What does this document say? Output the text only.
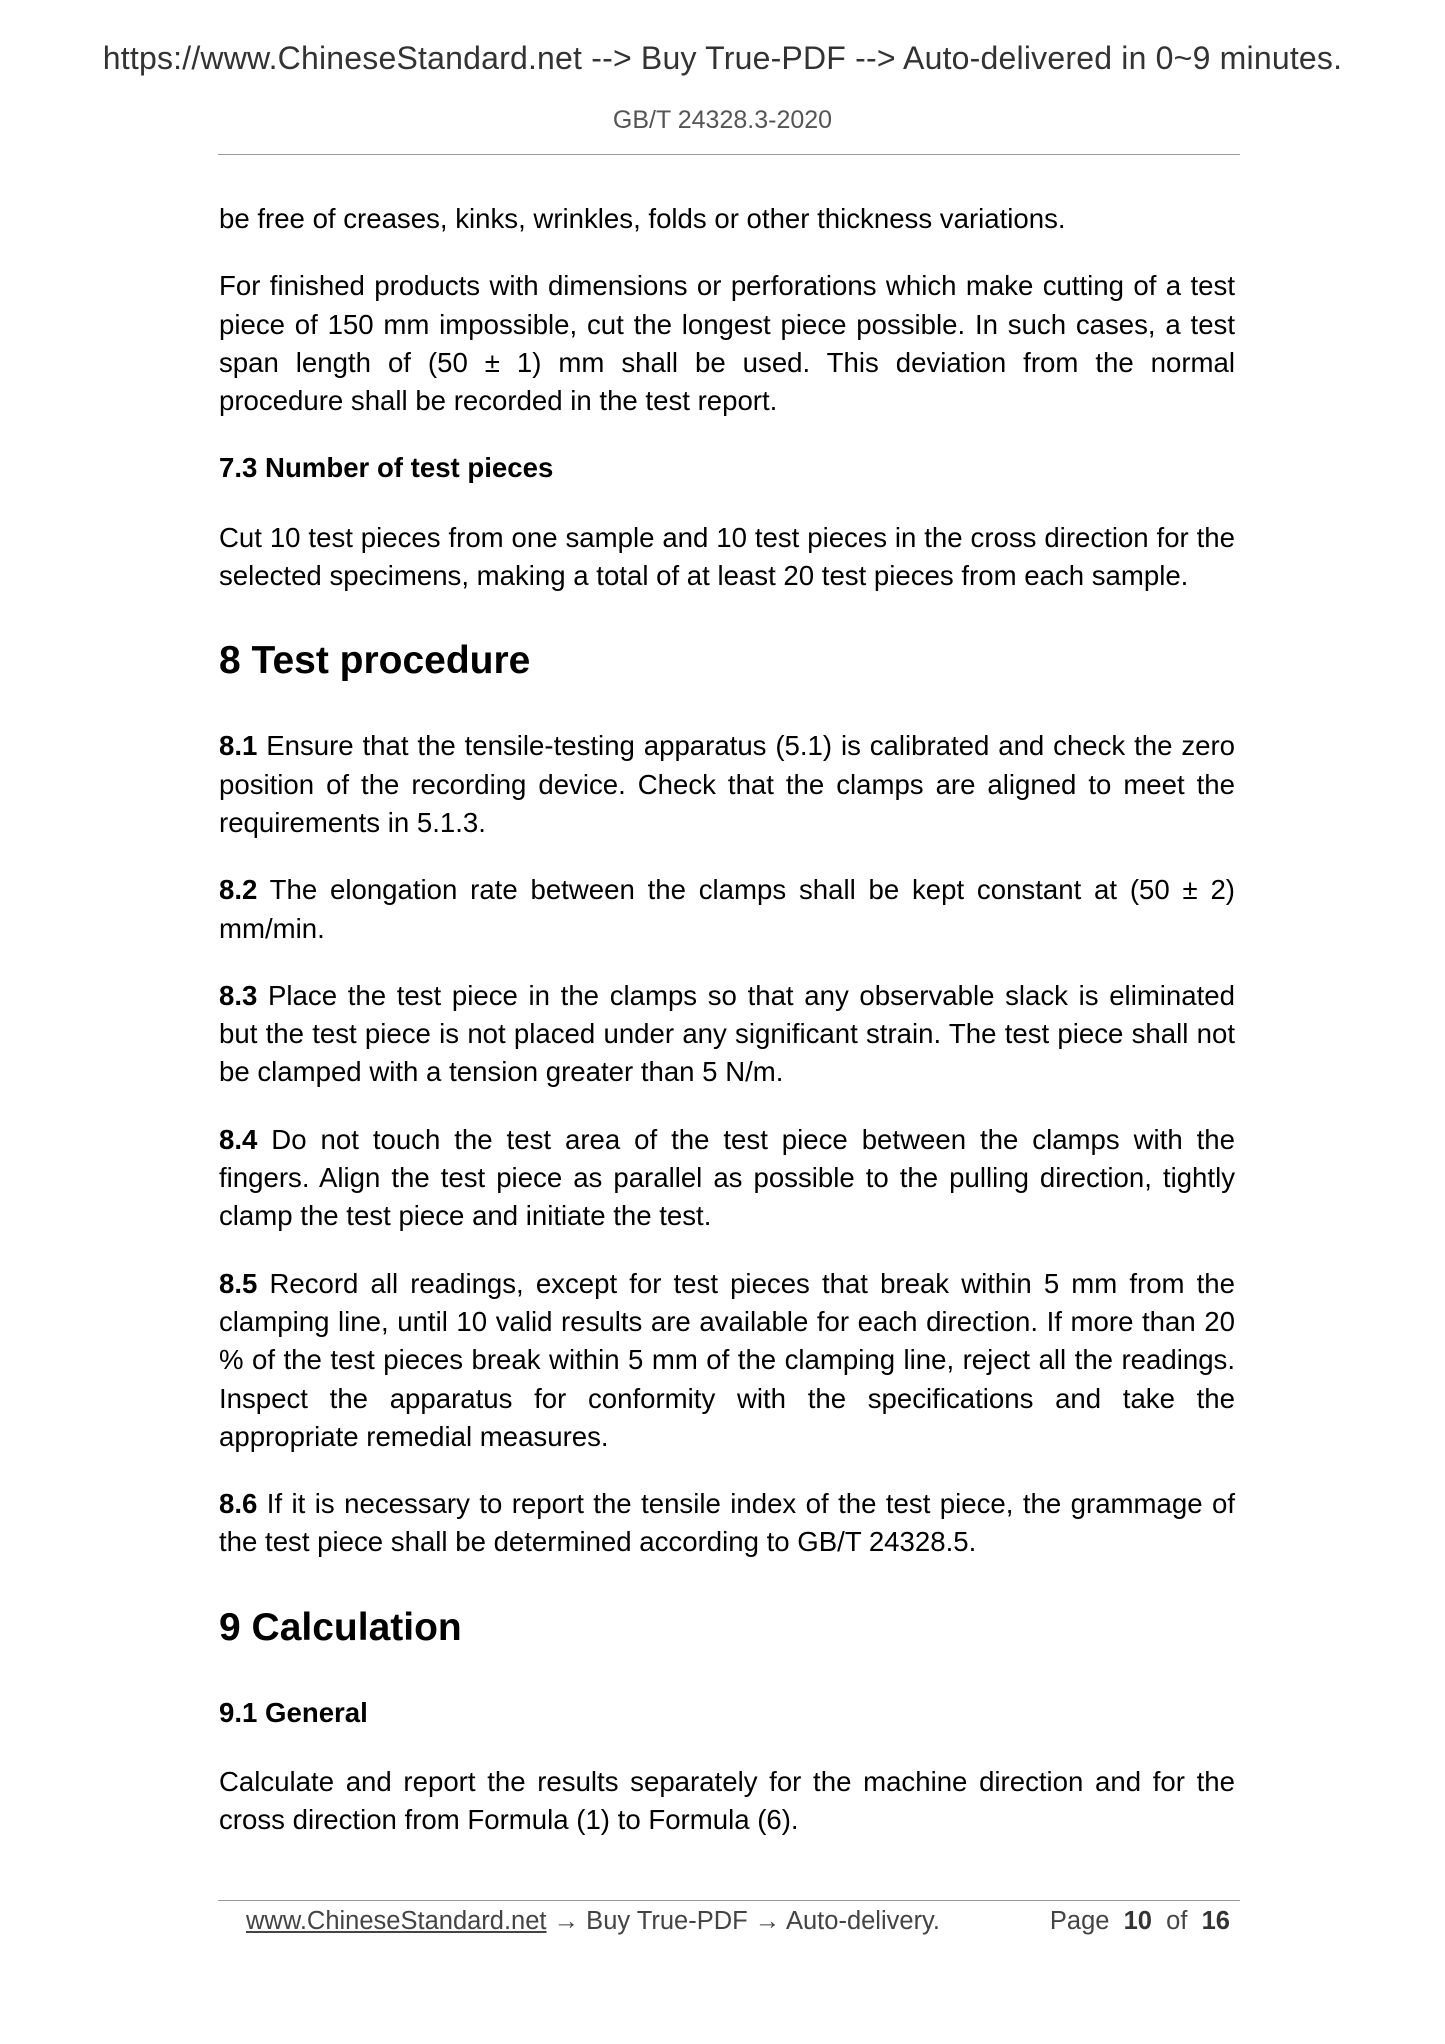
https://www.ChineseStandard.net --> Buy True-PDF --> Auto-delivered in 0~9 minutes.
GB/T 24328.3-2020

be free of creases, kinks, wrinkles, folds or other thickness variations.

For finished products with dimensions or perforations which make cutting of a test piece of 150 mm impossible, cut the longest piece possible. In such cases, a test span length of (50 ± 1) mm shall be used. This deviation from the normal procedure shall be recorded in the test report.

7.3 Number of test pieces

Cut 10 test pieces from one sample and 10 test pieces in the cross direction for the selected specimens, making a total of at least 20 test pieces from each sample.

8 Test procedure

8.1 Ensure that the tensile-testing apparatus (5.1) is calibrated and check the zero position of the recording device. Check that the clamps are aligned to meet the requirements in 5.1.3.

8.2 The elongation rate between the clamps shall be kept constant at (50 ± 2) mm/min.

8.3 Place the test piece in the clamps so that any observable slack is eliminated but the test piece is not placed under any significant strain. The test piece shall not be clamped with a tension greater than 5 N/m.

8.4 Do not touch the test area of the test piece between the clamps with the fingers. Align the test piece as parallel as possible to the pulling direction, tightly clamp the test piece and initiate the test.

8.5 Record all readings, except for test pieces that break within 5 mm from the clamping line, until 10 valid results are available for each direction. If more than 20 % of the test pieces break within 5 mm of the clamping line, reject all the readings. Inspect the apparatus for conformity with the specifications and take the appropriate remedial measures.

8.6 If it is necessary to report the tensile index of the test piece, the grammage of the test piece shall be determined according to GB/T 24328.5.

9 Calculation
9.1 General

Calculate and report the results separately for the machine direction and for the cross direction from Formula (1) to Formula (6).

www.ChineseStandard.net → Buy True-PDF → Auto-delivery.	Page 10 of 16
